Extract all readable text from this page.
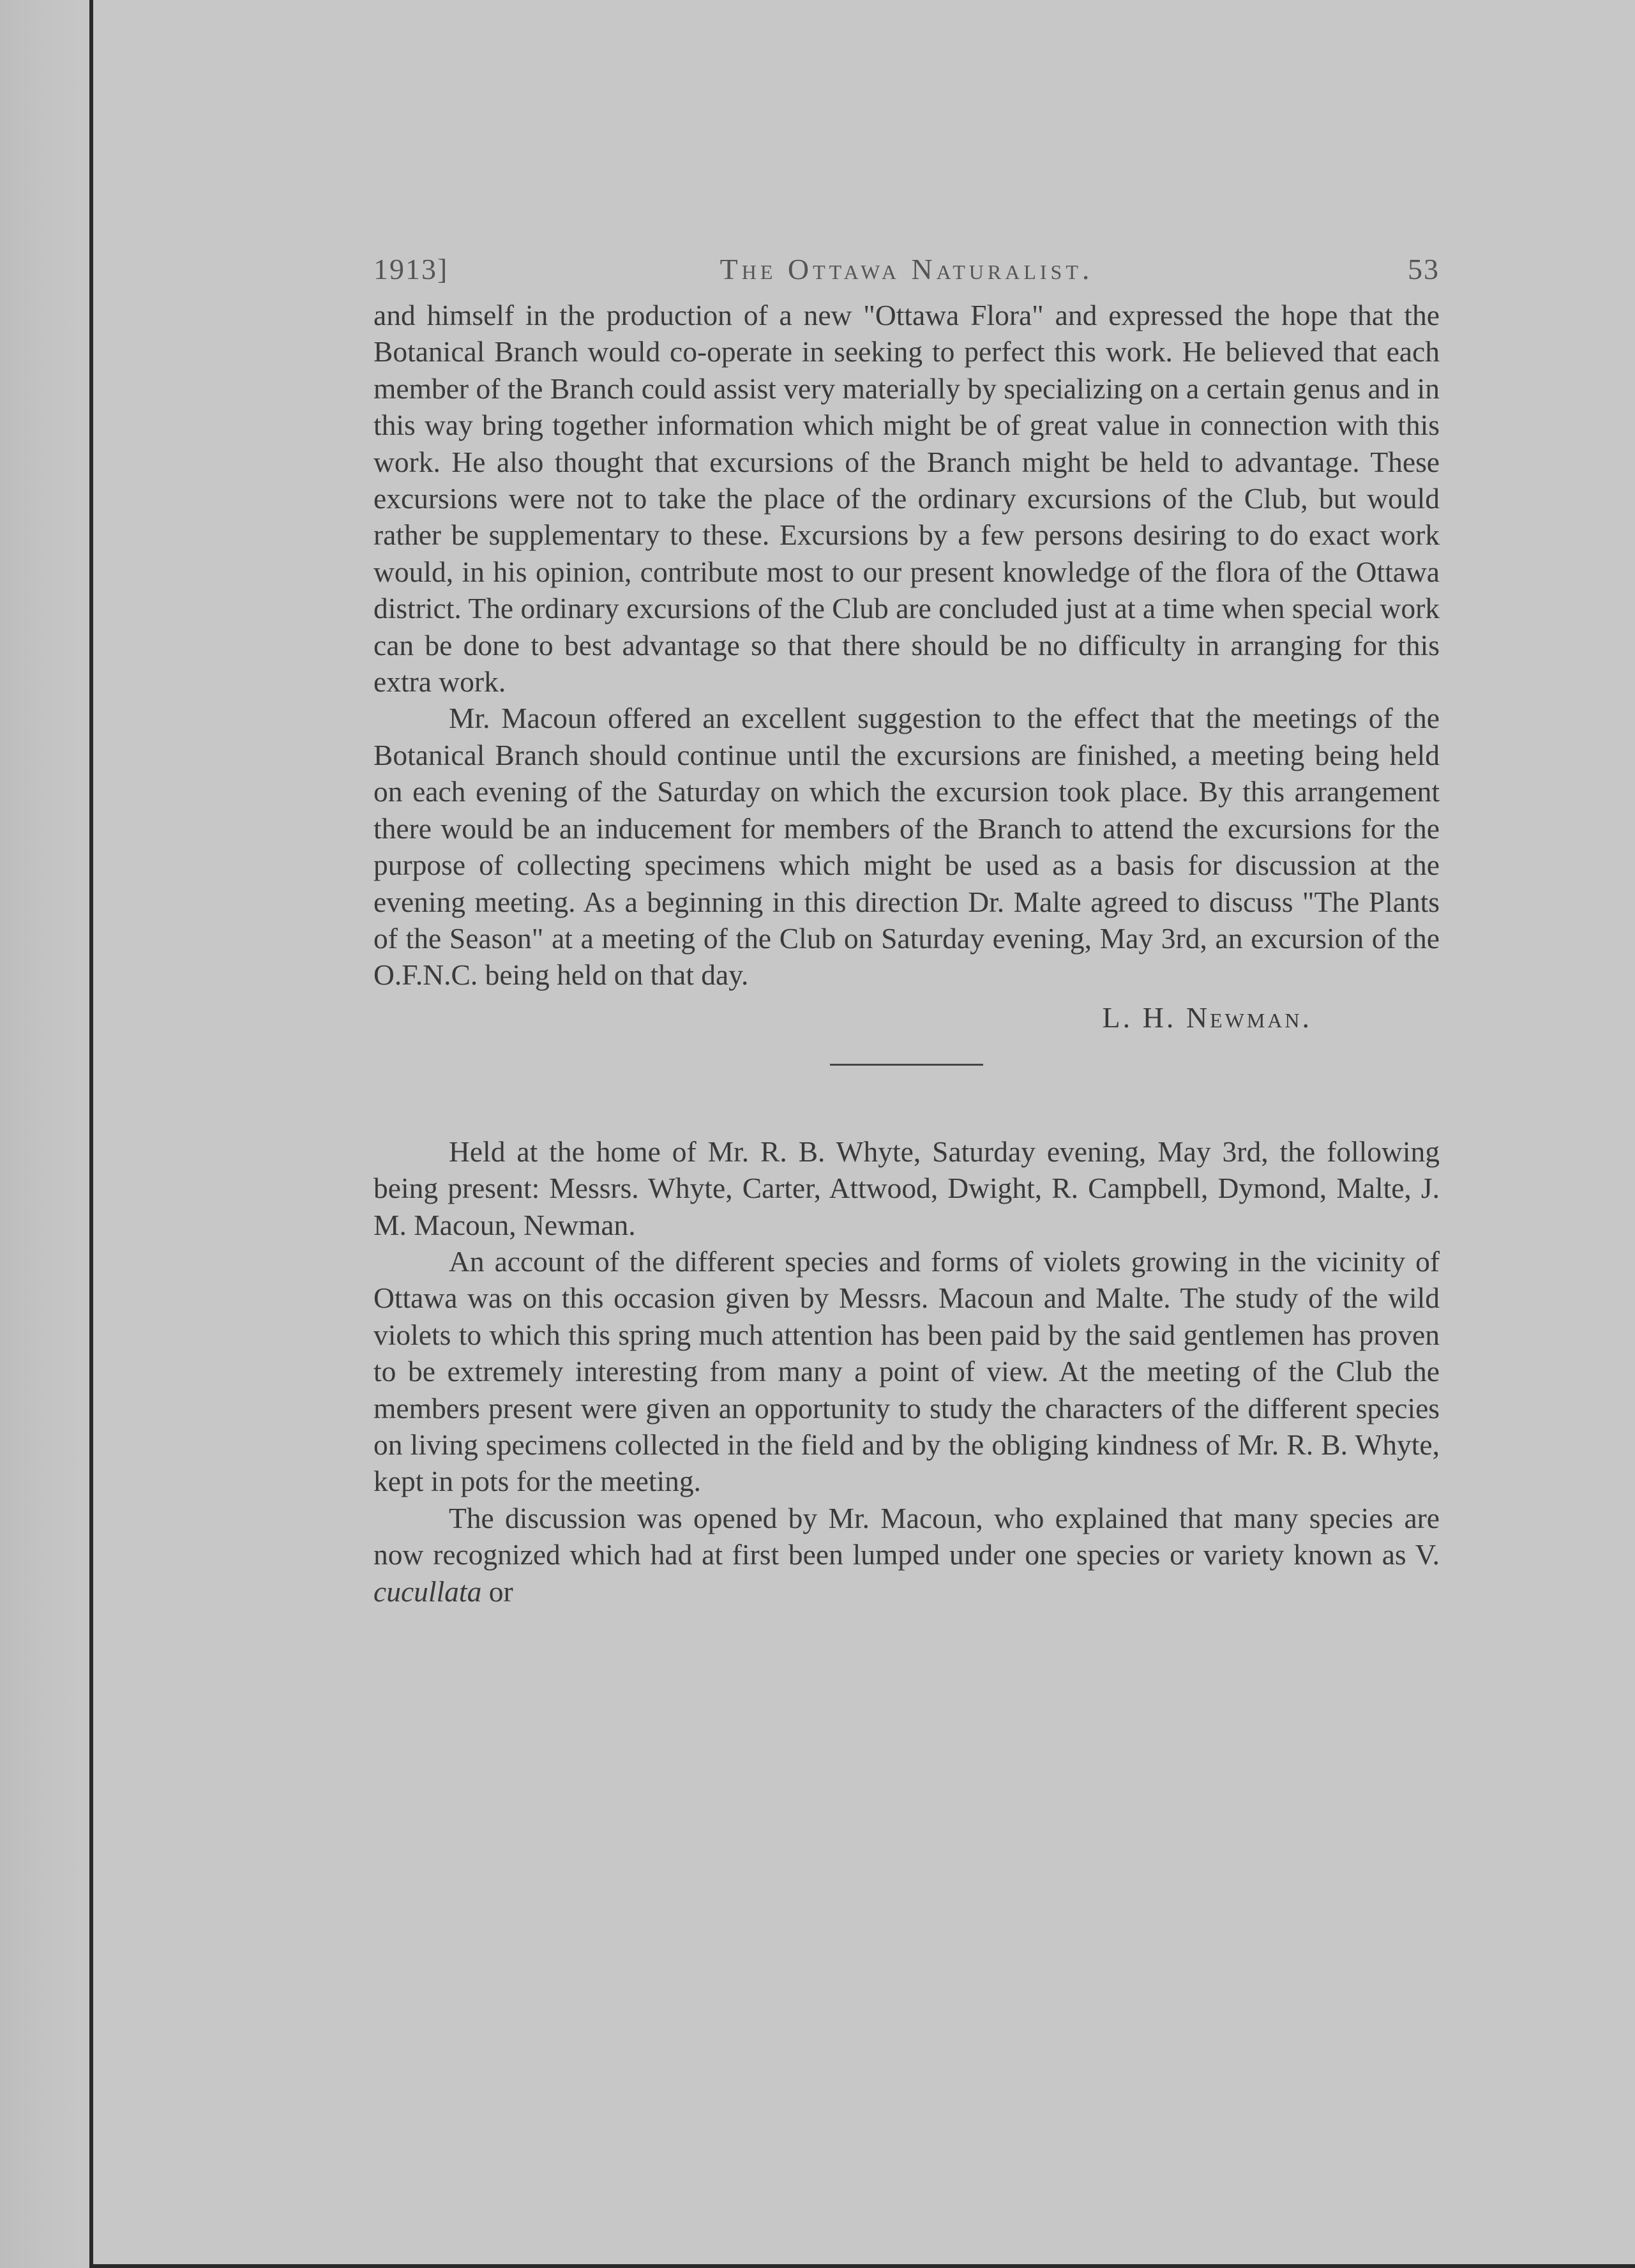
1913]	The Ottawa Naturalist.	53

and himself in the production of a new "Ottawa Flora" and expressed the hope that the Botanical Branch would co-operate in seeking to perfect this work. He believed that each member of the Branch could assist very materially by specializing on a certain genus and in this way bring together information which might be of great value in connection with this work. He also thought that excursions of the Branch might be held to advantage. These excursions were not to take the place of the ordinary excursions of the Club, but would rather be supplementary to these. Excursions by a few persons desiring to do exact work would, in his opinion, contribute most to our present knowledge of the flora of the Ottawa district. The ordinary excursions of the Club are concluded just at a time when special work can be done to best advantage so that there should be no difficulty in arranging for this extra work.

Mr. Macoun offered an excellent suggestion to the effect that the meetings of the Botanical Branch should continue until the excursions are finished, a meeting being held on each evening of the Saturday on which the excursion took place. By this arrangement there would be an inducement for members of the Branch to attend the excursions for the purpose of collecting specimens which might be used as a basis for discussion at the evening meeting. As a beginning in this direction Dr. Malte agreed to discuss "The Plants of the Season" at a meeting of the Club on Saturday evening, May 3rd, an excursion of the O.F.N.C. being held on that day.

L. H. Newman.

Held at the home of Mr. R. B. Whyte, Saturday evening, May 3rd, the following being present: Messrs. Whyte, Carter, Attwood, Dwight, R. Campbell, Dymond, Malte, J. M. Macoun, Newman.

An account of the different species and forms of violets growing in the vicinity of Ottawa was on this occasion given by Messrs. Macoun and Malte. The study of the wild violets to which this spring much attention has been paid by the said gentlemen has proven to be extremely interesting from many a point of view. At the meeting of the Club the members present were given an opportunity to study the characters of the different species on living specimens collected in the field and by the obliging kindness of Mr. R. B. Whyte, kept in pots for the meeting.

The discussion was opened by Mr. Macoun, who explained that many species are now recognized which had at first been lumped under one species or variety known as V. cucullata or
